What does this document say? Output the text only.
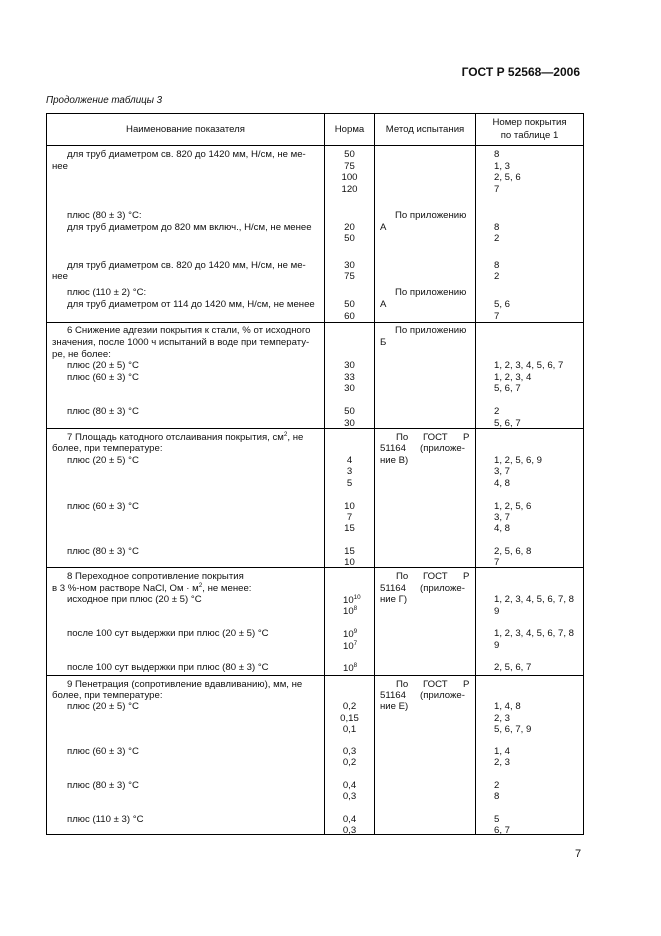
ГОСТ Р 52568—2006
Продолжение таблицы 3
Наименование показателя	Норма	Метод испытания
Номер покрытия
по таблице 1
для труб диаметром св. 820 до 1420 мм, Н/см, не ме-
нее
50
75
100
120
8
1, 3
2, 5, 6
7
плюс (80 ± 3) °С:
для труб диаметром до 820 мм включ., Н/см, не менее
По приложению
А
20
50
8
2
для труб диаметром св. 820 до 1420 мм, Н/см, не ме-
нее
30
75
8
2
плюс (110 ± 2) °С:
для труб диаметром от 114 до 1420 мм, Н/см, не менее
По приложению
А
50
60
5, 6
7
6 Снижение адгезии покрытия к стали, % от исходного
значения, после 1000 ч испытаний в воде при температу-
ре, не более:
плюс (20 ± 5) °С
плюс (60 ± 3) °С
плюс (80 ± 3) °С
По приложению
Б
30
33
30
50
30
1, 2, 3, 4, 5, 6, 7
1, 2, 3, 4
5, 6, 7
2
5, 6, 7
7 Площадь катодного отслаивания покрытия, $см^2$, не
более, при температуре:
плюс (20 ± 5) °С
плюс (60 ± 3) °С
плюс (80 ± 3) °С
По ГОСТ Р
51164 (приложе-
ние В)
4
3
5
10
7
15
15
10
1, 2, 5, 6, 9
3, 7
4, 8
1, 2, 5, 6
3, 7
4, 8
2, 5, 6, 8
7
8 Переходное сопротивление покрытия
в 3 %-ном растворе NaCl, Ом · $м^2$, не менее:
исходное при плюс (20 ± 5) °С
после 100 сут выдержки при плюс (20 ± 5) °С
после 100 сут выдержки при плюс (80 ± 3) °С
По ГОСТ Р
51164 (приложе-
ние Г)
$10^{10}$
$10^8$
$10^9$
$10^7$
$10^8$
1, 2, 3, 4, 5, 6, 7, 8
9
1, 2, 3, 4, 5, 6, 7, 8
9
2, 5, 6, 7
9 Пенетрация (сопротивление вдавливанию), мм, не
более, при температуре:
плюс (20 ± 5) °С
плюс (60 ± 3) °С
плюс (80 ± 3) °С
плюс (110 ± 3) °С
По ГОСТ Р
51164 (приложе-
ние Е)
0,2
0,15
0,1
0,3
0,2
0,4
0,3
0,4
0,3
1, 4, 8
2, 3
5, 6, 7, 9
1, 4
2, 3
2
8
5
6, 7
7
